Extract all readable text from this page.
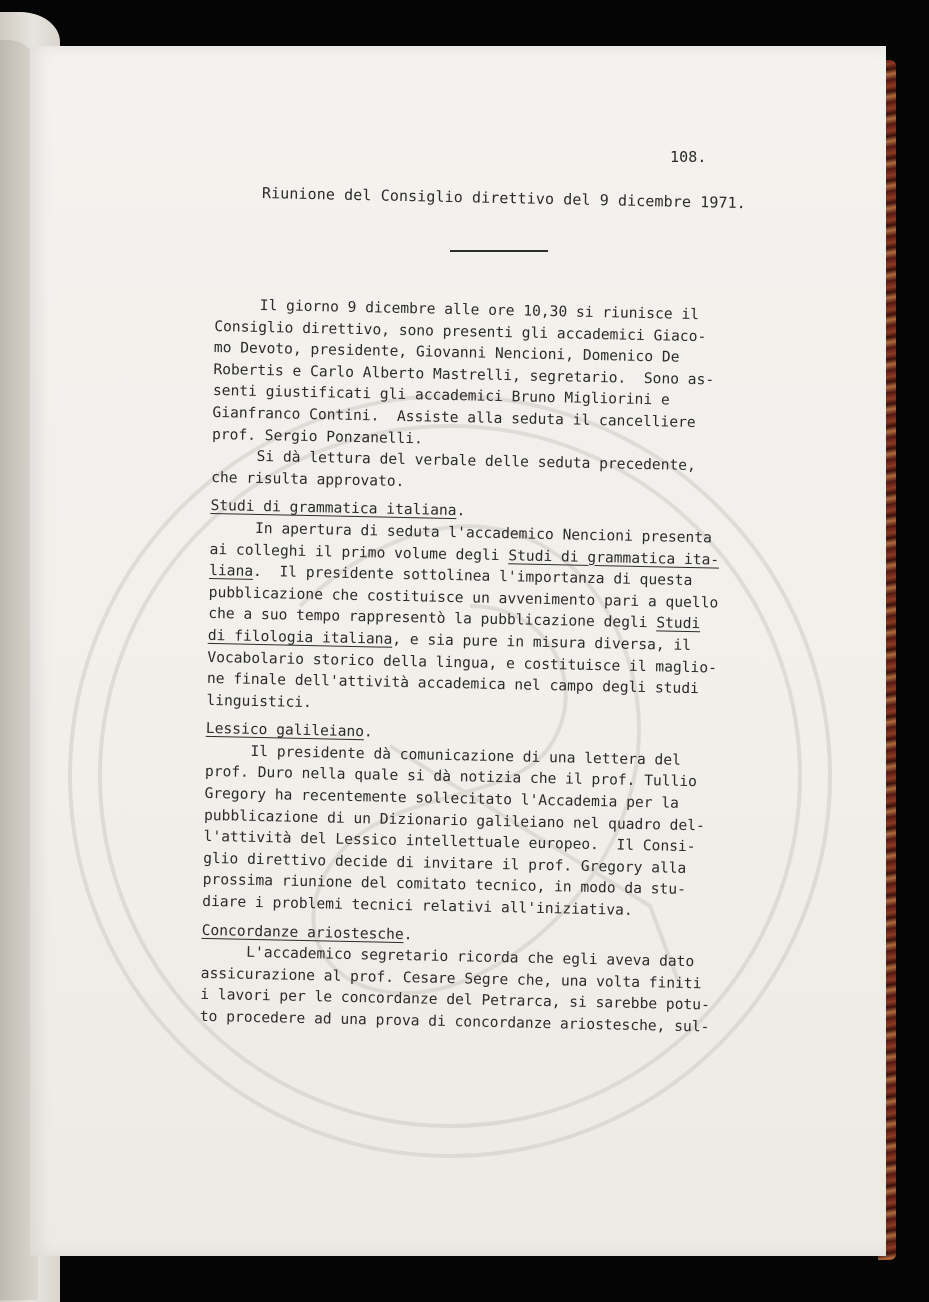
108.
Riunione del Consiglio direttivo del 9 dicembre 1971.
Il giorno 9 dicembre alle ore 10,30 si riunisce il
Consiglio direttivo, sono presenti gli accademici Giaco-
mo Devoto, presidente, Giovanni Nencioni, Domenico De
Robertis e Carlo Alberto Mastrelli, segretario.  Sono as-
senti giustificati gli accademici Bruno Migliorini e
Gianfranco Contini.  Assiste alla seduta il cancelliere
prof. Sergio Ponzanelli.
Si dà lettura del verbale delle seduta precedente,
che risulta approvato.
Studi di grammatica italiana.
In apertura di seduta l'accademico Nencioni presenta
ai colleghi il primo volume degli Studi di grammatica ita-
liana.  Il presidente sottolinea l'importanza di questa
pubblicazione che costituisce un avvenimento pari a quello
che a suo tempo rappresentò la pubblicazione degli Studi
di filologia italiana, e sia pure in misura diversa, il
Vocabolario storico della lingua, e costituisce il maglio-
ne finale dell'attività accademica nel campo degli studi
linguistici.
Lessico galileiano.
Il presidente dà comunicazione di una lettera del
prof. Duro nella quale si dà notizia che il prof. Tullio
Gregory ha recentemente sollecitato l'Accademia per la
pubblicazione di un Dizionario galileiano nel quadro del-
l'attività del Lessico intellettuale europeo.  Il Consi-
glio direttivo decide di invitare il prof. Gregory alla
prossima riunione del comitato tecnico, in modo da stu-
diare i problemi tecnici relativi all'iniziativa.
Concordanze ariostesche.
L'accademico segretario ricorda che egli aveva dato
assicurazione al prof. Cesare Segre che, una volta finiti
i lavori per le concordanze del Petrarca, si sarebbe potu-
to procedere ad una prova di concordanze ariostesche, sul-
